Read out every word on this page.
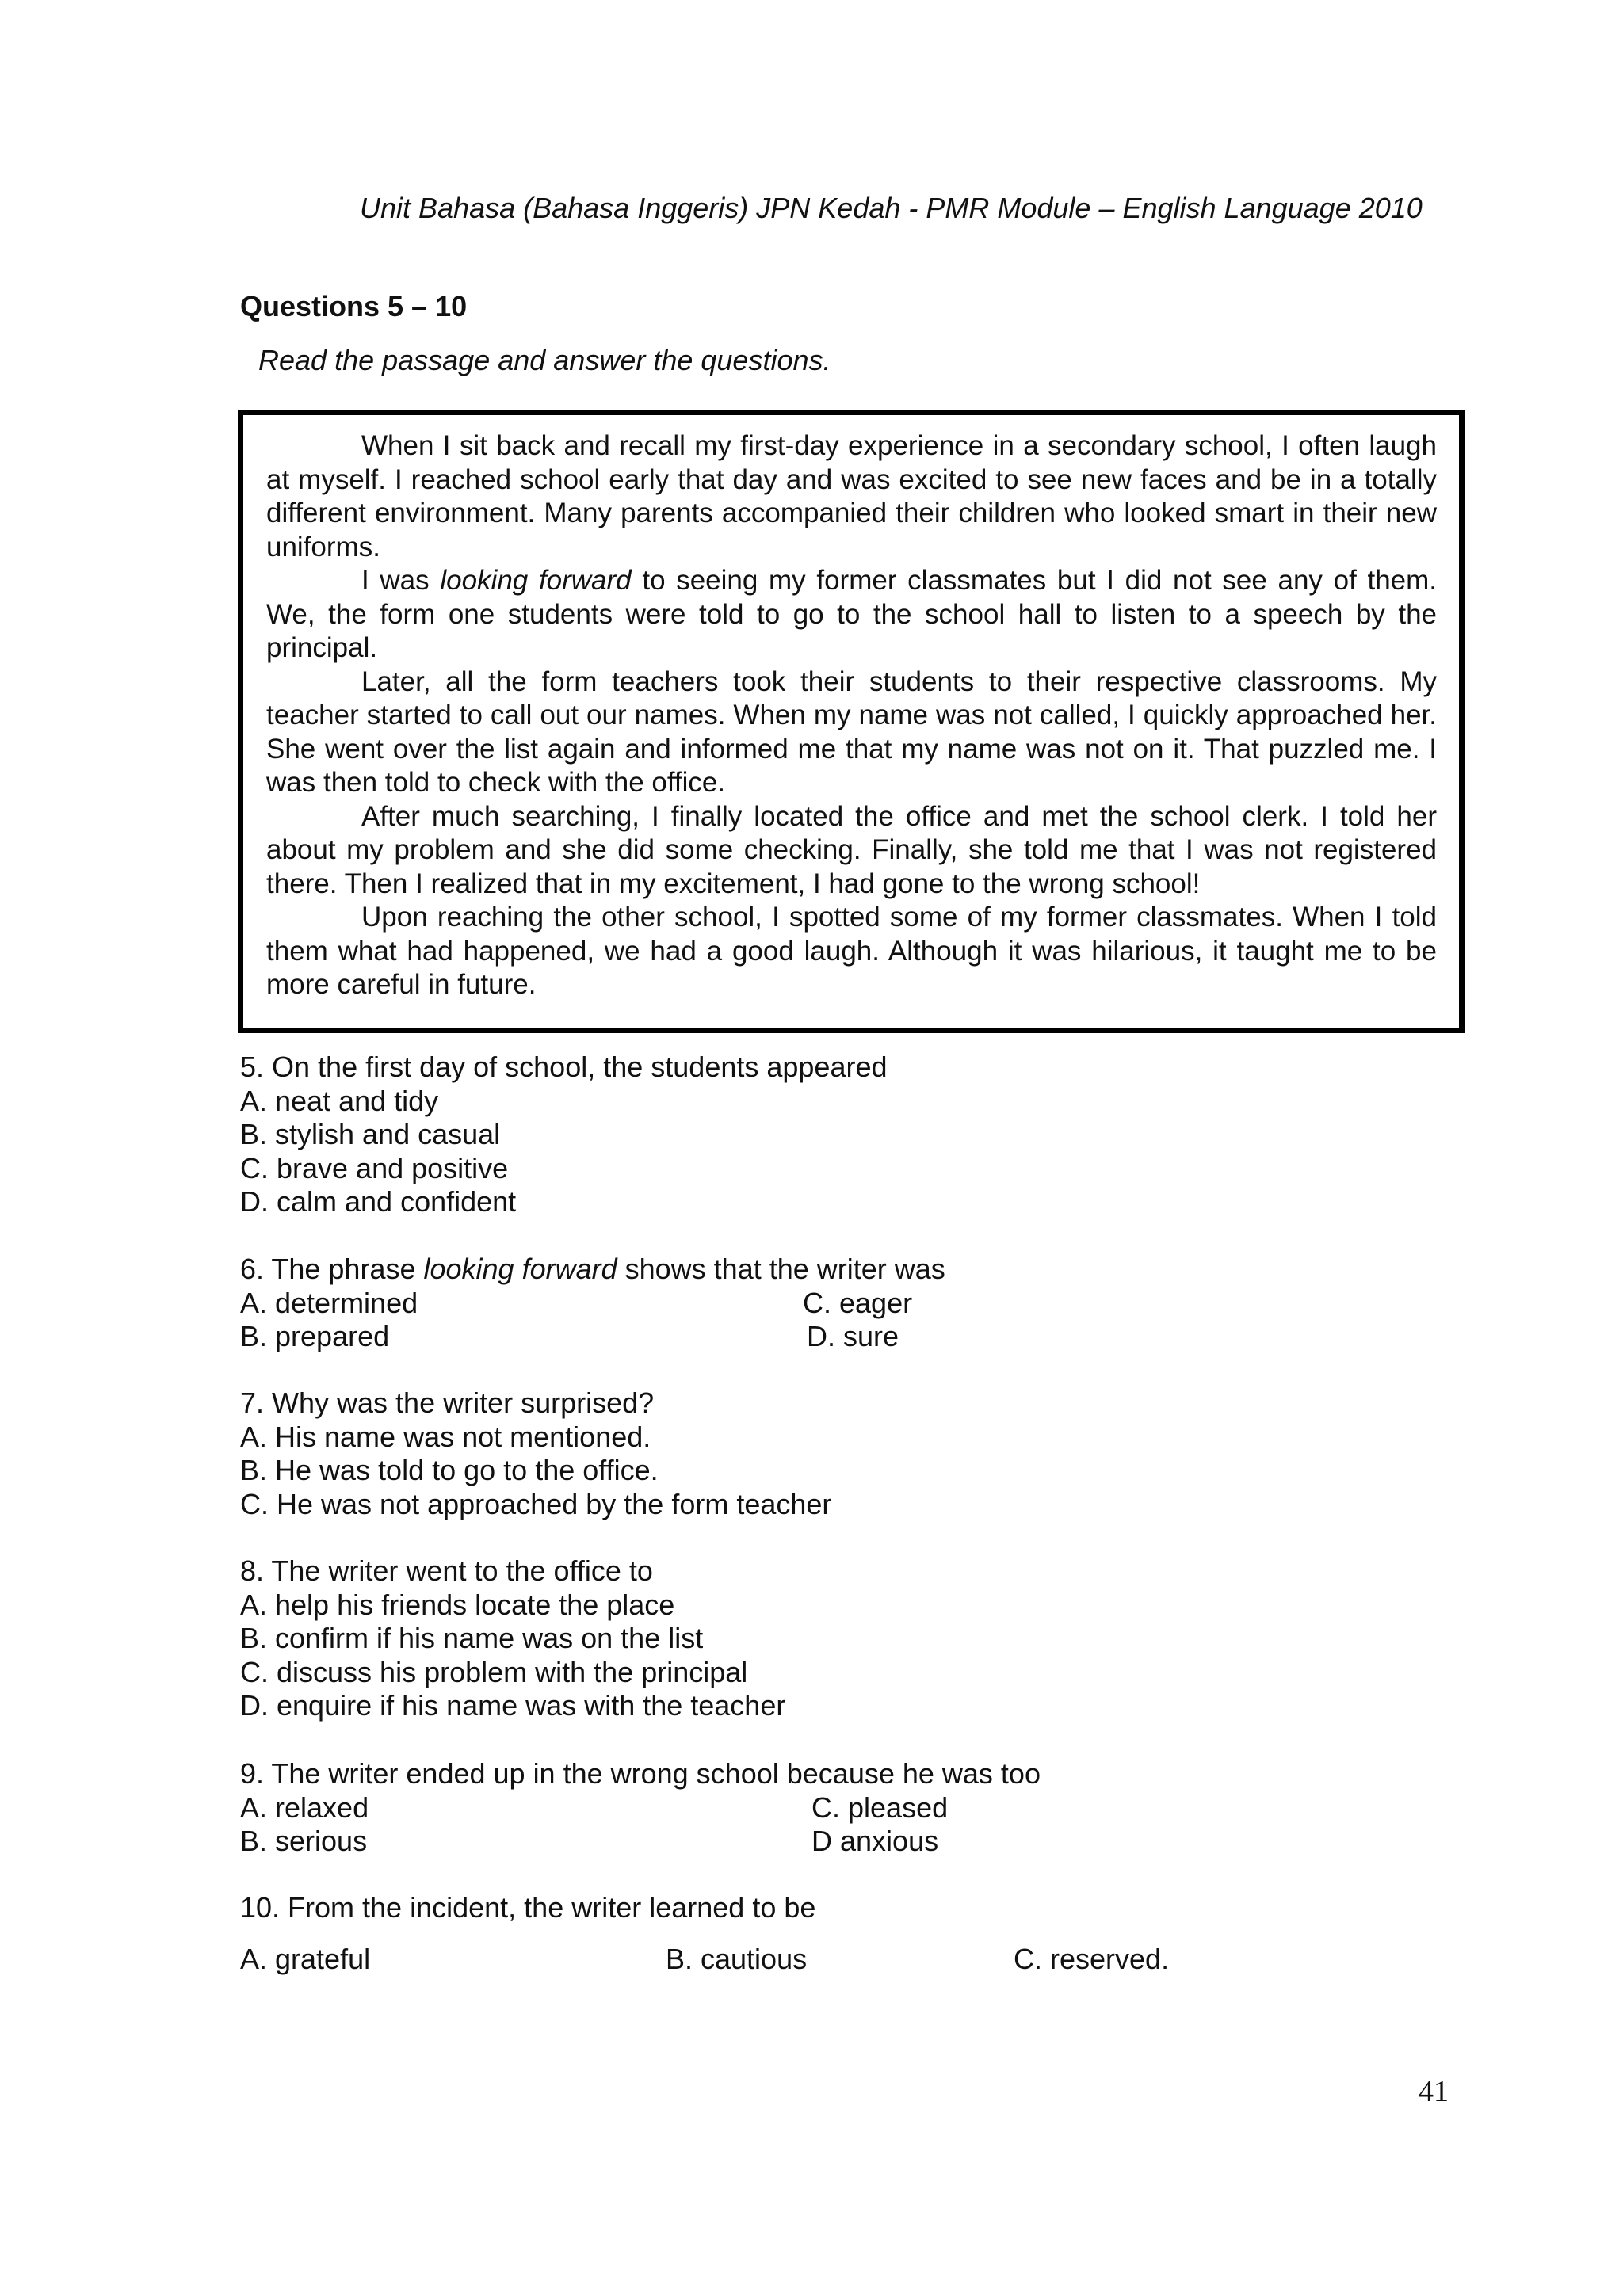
Unit Bahasa (Bahasa Inggeris) JPN Kedah - PMR Module – English Language 2010
Questions 5 – 10
Read the passage and answer the questions.

When I sit back and recall my first-day experience in a secondary school, I often laugh at myself. I reached school early that day and was excited to see new faces and be in a totally different environment. Many parents accompanied their children who looked smart in their new uniforms.

I was looking forward to seeing my former classmates but I did not see any of them. We, the form one students were told to go to the school hall to listen to a speech by the principal.

Later, all the form teachers took their students to their respective classrooms. My teacher started to call out our names. When my name was not called, I quickly approached her. She went over the list again and informed me that my name was not on it. That puzzled me. I was then told to check with the office.

After much searching, I finally located the office and met the school clerk. I told her about my problem and she did some checking. Finally, she told me that I was not registered there. Then I realized that in my excitement, I had gone to the wrong school!

Upon reaching the other school, I spotted some of my former classmates. When I told them what had happened, we had a good laugh. Although it was hilarious, it taught me to be more careful in future.

5. On the first day of school, the students appeared
A. neat and tidy
B. stylish and casual
C. brave and positive
D. calm and confident
6. The phrase looking forward shows that the writer was
A. determined	C. eager
B. prepared	D. sure
7. Why was the writer surprised?
A. His name was not mentioned.
B. He was told to go to the office.
C. He was not approached by the form teacher
8. The writer went to the office to
A. help his friends locate the place
B. confirm if his name was on the list
C. discuss his problem with the principal
D. enquire if his name was with the teacher
9. The writer ended up in the wrong school because he was too
A. relaxed	C. pleased
B. serious	D anxious
10. From the incident, the writer learned to be
A. grateful	B. cautious	C. reserved.
41
